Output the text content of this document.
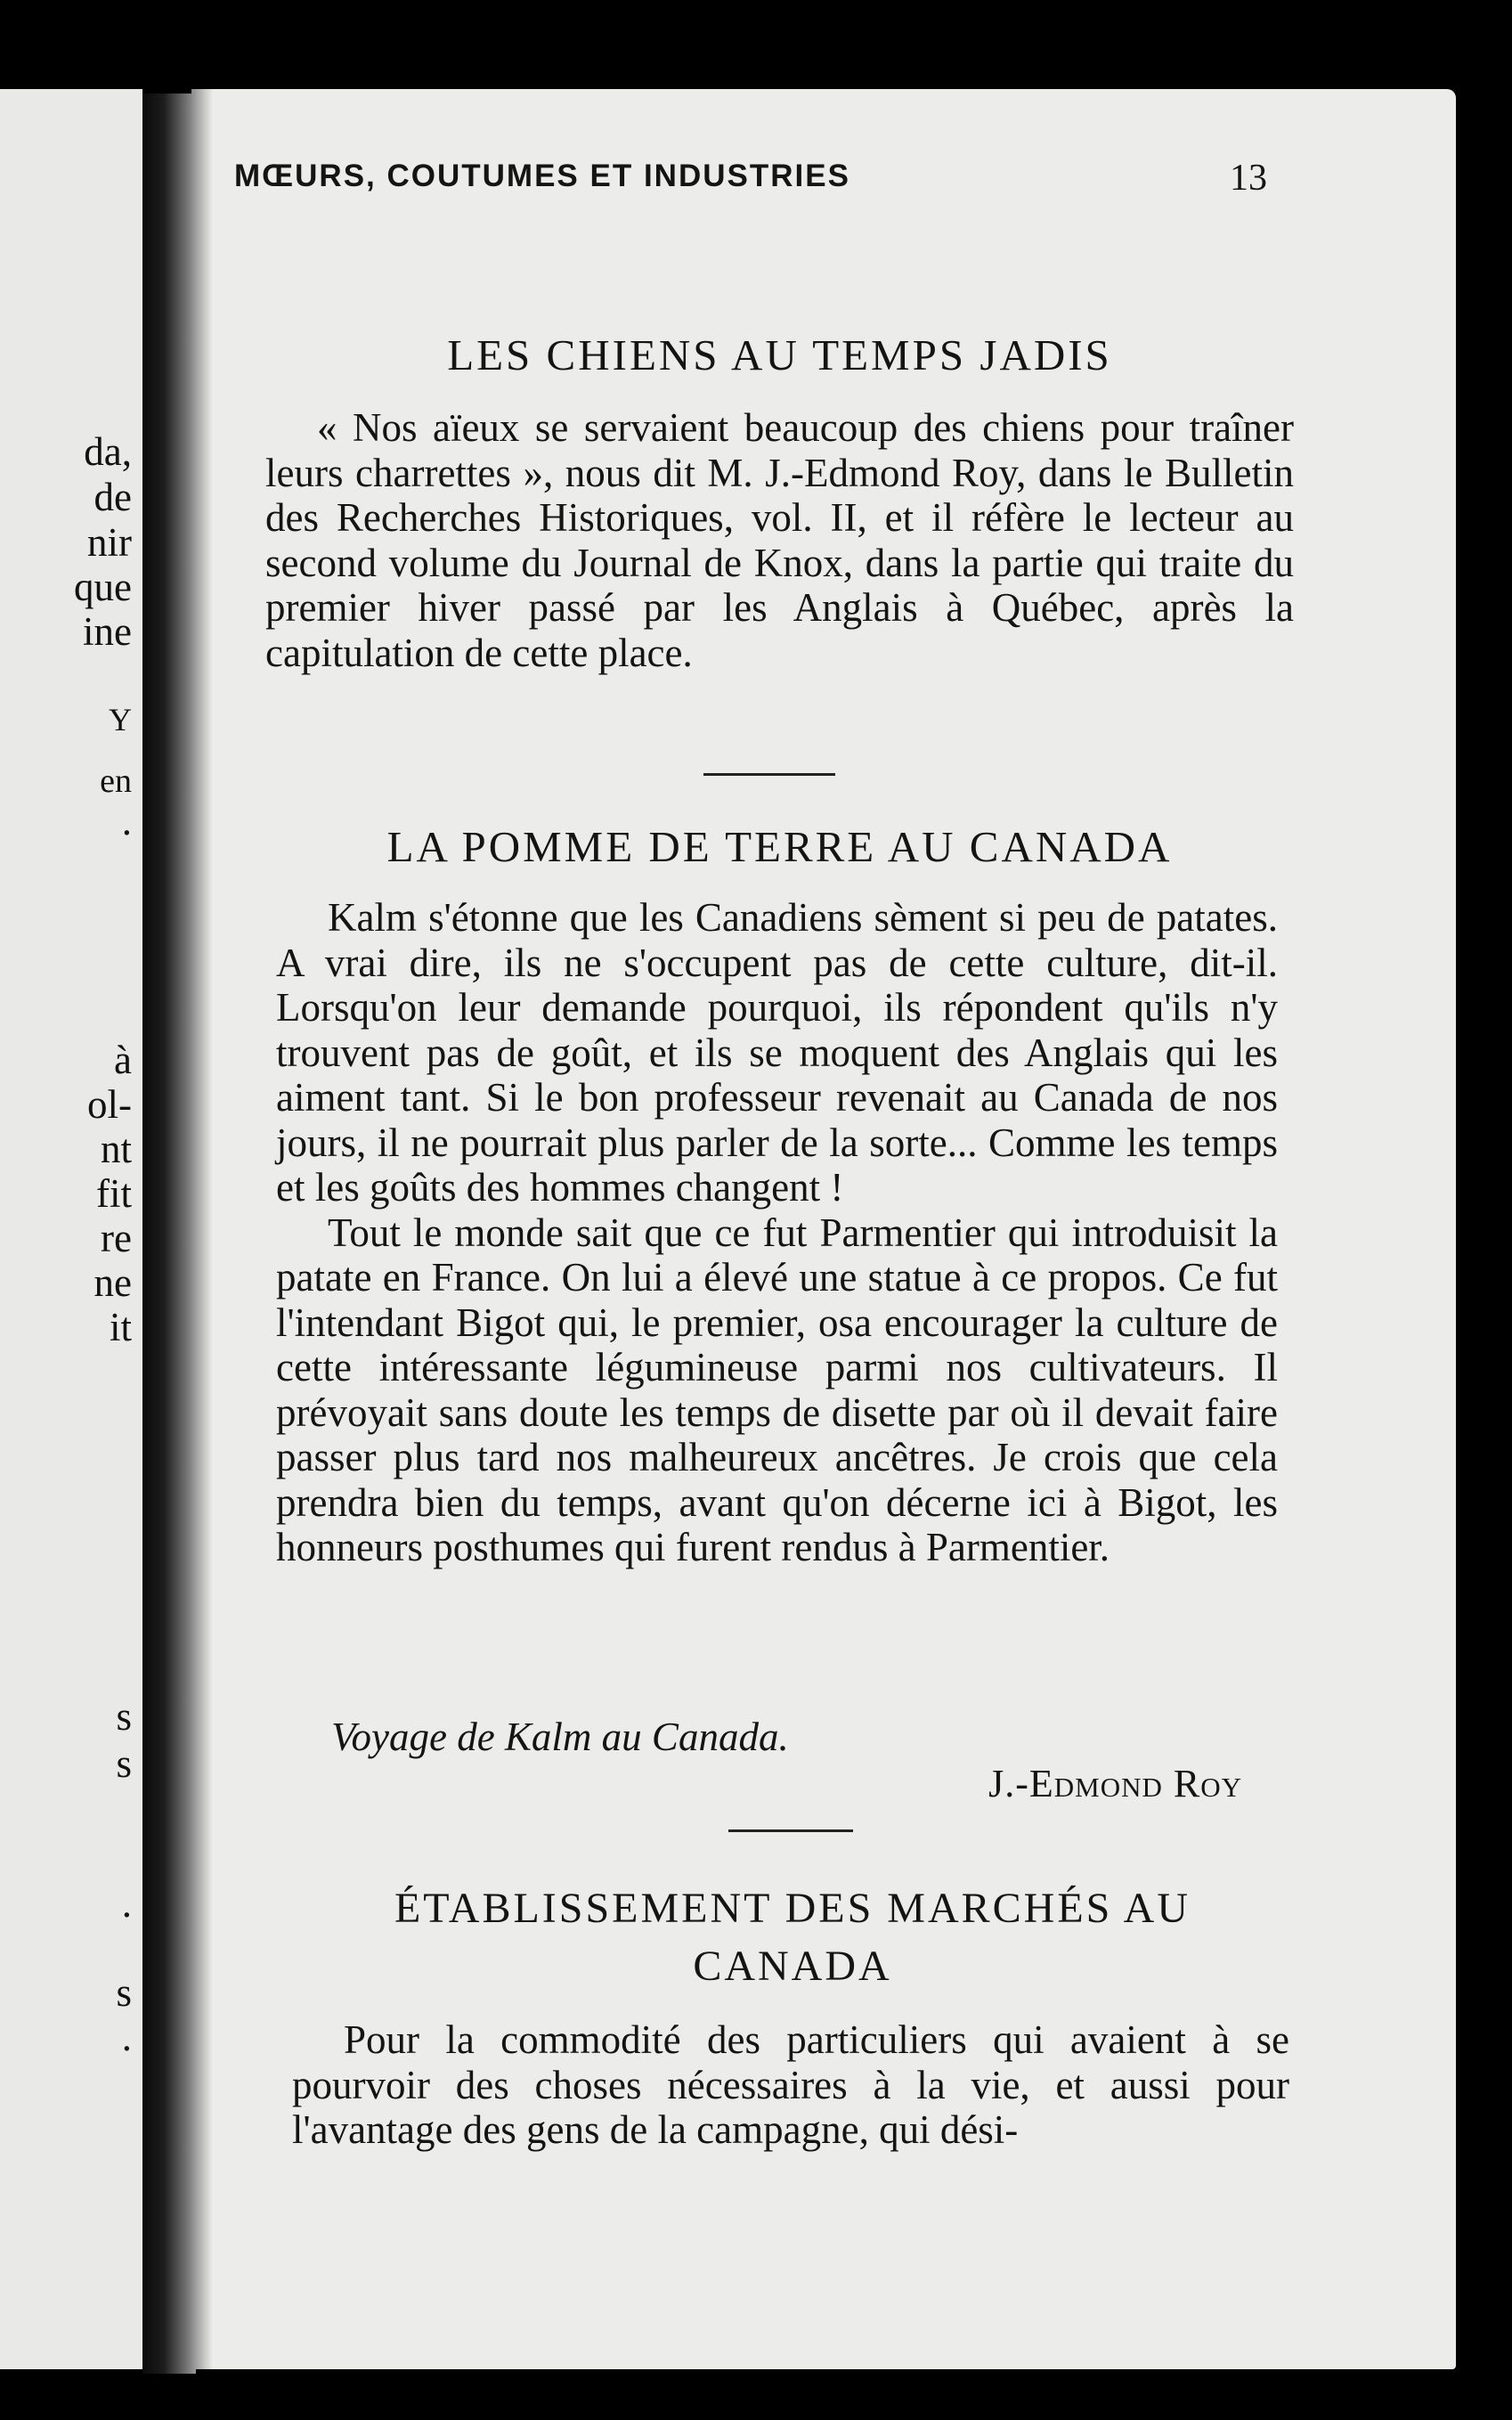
da,
de
nir
que
ine
Y
en
.
à
ol-
nt
fit
re
ne
it
s
s
.
s
.
MŒURS, COUTUMES ET INDUSTRIES	13
LES CHIENS AU TEMPS JADIS

« Nos aïeux se servaient beaucoup des chiens pour traîner leurs charrettes », nous dit M. J.-Edmond Roy, dans le Bulletin des Recherches Historiques, vol. II, et il réfère le lecteur au second volume du Journal de Knox, dans la partie qui traite du premier hiver passé par les Anglais à Québec, après la capitulation de cette place.

LA POMME DE TERRE AU CANADA

Kalm s'étonne que les Canadiens sèment si peu de patates. A vrai dire, ils ne s'occupent pas de cette culture, dit-il. Lorsqu'on leur demande pourquoi, ils répondent qu'ils n'y trouvent pas de goût, et ils se moquent des Anglais qui les aiment tant. Si le bon professeur revenait au Canada de nos jours, il ne pourrait plus parler de la sorte... Comme les temps et les goûts des hommes changent !

Tout le monde sait que ce fut Parmentier qui introduisit la patate en France. On lui a élevé une statue à ce propos. Ce fut l'intendant Bigot qui, le premier, osa encourager la culture de cette intéressante légumineuse parmi nos cultivateurs. Il prévoyait sans doute les temps de disette par où il devait faire passer plus tard nos malheureux ancêtres. Je crois que cela prendra bien du temps, avant qu'on décerne ici à Bigot, les honneurs posthumes qui furent rendus à Parmentier.

Voyage de Kalm au Canada.

J.-Edmond Roy

ÉTABLISSEMENT DES MARCHÉS AU
CANADA

Pour la commodité des particuliers qui avaient à se pourvoir des choses nécessaires à la vie, et aussi pour l'avantage des gens de la campagne, qui dési-
